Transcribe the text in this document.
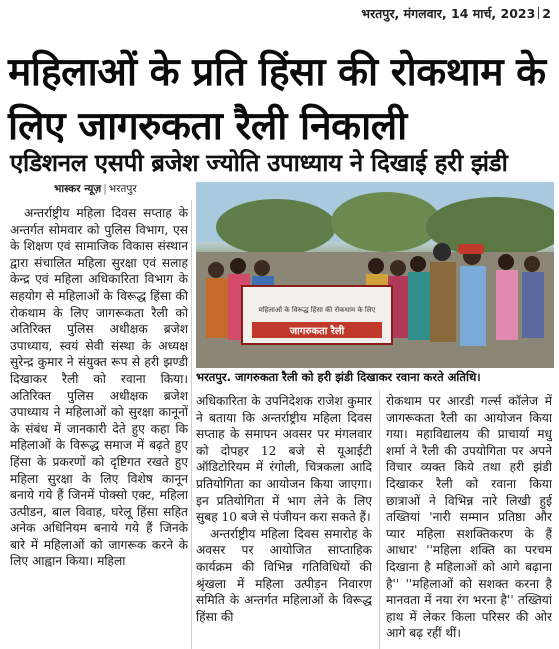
भरतपुर, मंगलवार, 14 मार्च, 2023 2
महिलाओं के प्रति हिंसा की रोकथाम के लिए जागरुकता रैली निकाली
एडिशनल एसपी ब्रजेश ज्योति उपाध्याय ने दिखाई हरी झंडी
भास्कर न्यूज़ | भरतपुर

अन्तर्राष्ट्रीय महिला दिवस सप्ताह के अन्तर्गत सोमवार को पुलिस विभाग, एस के शिक्षण एवं सामाजिक विकास संस्थान द्वारा संचालित महिला सुरक्षा एवं सलाह केन्द्र एवं महिला अधिकारिता विभाग के सहयोग से महिलाओं के विरूद्ध हिंसा की रोकथाम के लिए जागरूकता रैली को अतिरिक्त पुलिस अधीक्षक ब्रजेश उपाध्याय, स्वयं सेवी संस्था के अध्यक्ष सुरेन्द्र कुमार ने संयुक्त रूप से हरी झण्डी दिखाकर रैली को रवाना किया। अतिरिक्त पुलिस अधीक्षक ब्रजेश उपाध्याय ने महिलाओं को सुरक्षा कानूनों के संबंध में जानकारी देते हुए कहा कि महिलाओं के विरूद्ध समाज में बढ़ते हुए हिंसा के प्रकरणों को दृष्टिगत रखते हुए महिला सुरक्षा के लिए विशेष कानून बनाये गये हैं जिनमें पोक्सो एक्ट, महिला उत्पीडन, बाल विवाह, घरेलू हिंसा सहित अनेक अधिनियम बनाये गये हैं जिनके बारे में महिलाओं को जागरूक करने के लिए आह्वान किया। महिला

महिलाओं के विरूद्ध हिंसा की रोकथाम के लिए
जागरुकता रैली
भरतपुर. जागरुकता रैली को हरी झंडी दिखाकर रवाना करते अतिथि।

अधिकारिता के उपनिदेशक राजेश कुमार ने बताया कि अन्तर्राष्ट्रीय महिला दिवस सप्ताह के समापन अवसर पर मंगलवार को दोपहर 12 बजे से यूआईटी ऑडिटोरियम में रंगोली, चित्रकला आदि प्रतियोगिता का आयोजन किया जाएगा। इन प्रतियोगिता में भाग लेने के लिए सुबह 10 बजे से पंजीयन करा सकते हैं।

अन्तर्राष्ट्रीय महिला दिवस समारोह के अवसर पर आयोजित साप्ताहिक कार्यक्रम की विभिन्न गतिविधियों की श्रृंखला में महिला उत्पीड़न निवारण समिति के अन्तर्गत महिलाओं के विरूद्ध हिंसा की

रोकथाम पर आरडी गर्ल्स कॉलेज में जागरूकता रैली का आयोजन किया गया। महाविद्यालय की प्राचार्या मधु शर्मा ने रैली की उपयोगिता पर अपने विचार व्यक्त किये तथा हरी झंडी दिखाकर रैली को रवाना किया छात्राओं ने विभिन्न नारे लिखी हुई तख्तियां 'नारी सम्मान प्रतिष्ठा और प्यार महिला सशक्तिकरण के हैं आधार' ''महिला शक्ति का परचम दिखाना है महिलाओं को आगे बढ़ाना है'' ''महिलाओं को सशक्त करना है मानवता में नया रंग भरना है'' तख्तियां हाथ में लेकर किला परिसर की ओर आगे बढ़ रहीं थीं।
